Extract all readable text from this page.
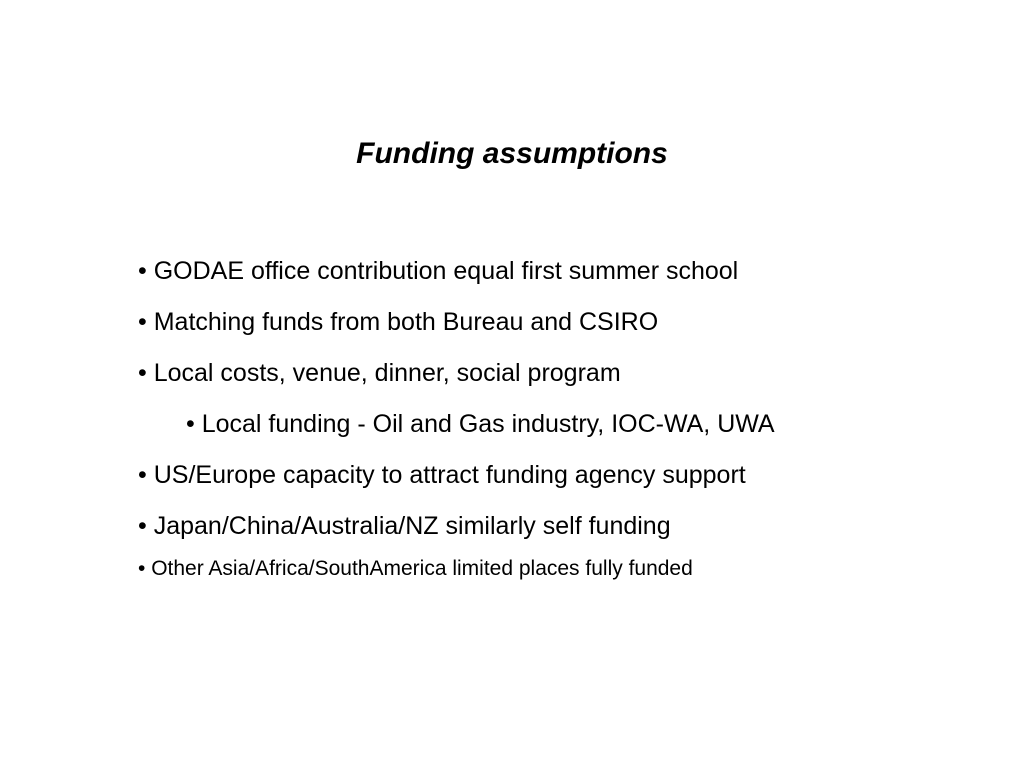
Funding assumptions
• GODAE office contribution equal first summer school
• Matching funds from both Bureau and CSIRO
• Local costs, venue, dinner, social program
• Local funding - Oil and Gas industry, IOC-WA, UWA
• US/Europe capacity to attract funding agency support
• Japan/China/Australia/NZ similarly self funding
• Other Asia/Africa/SouthAmerica limited places fully funded
